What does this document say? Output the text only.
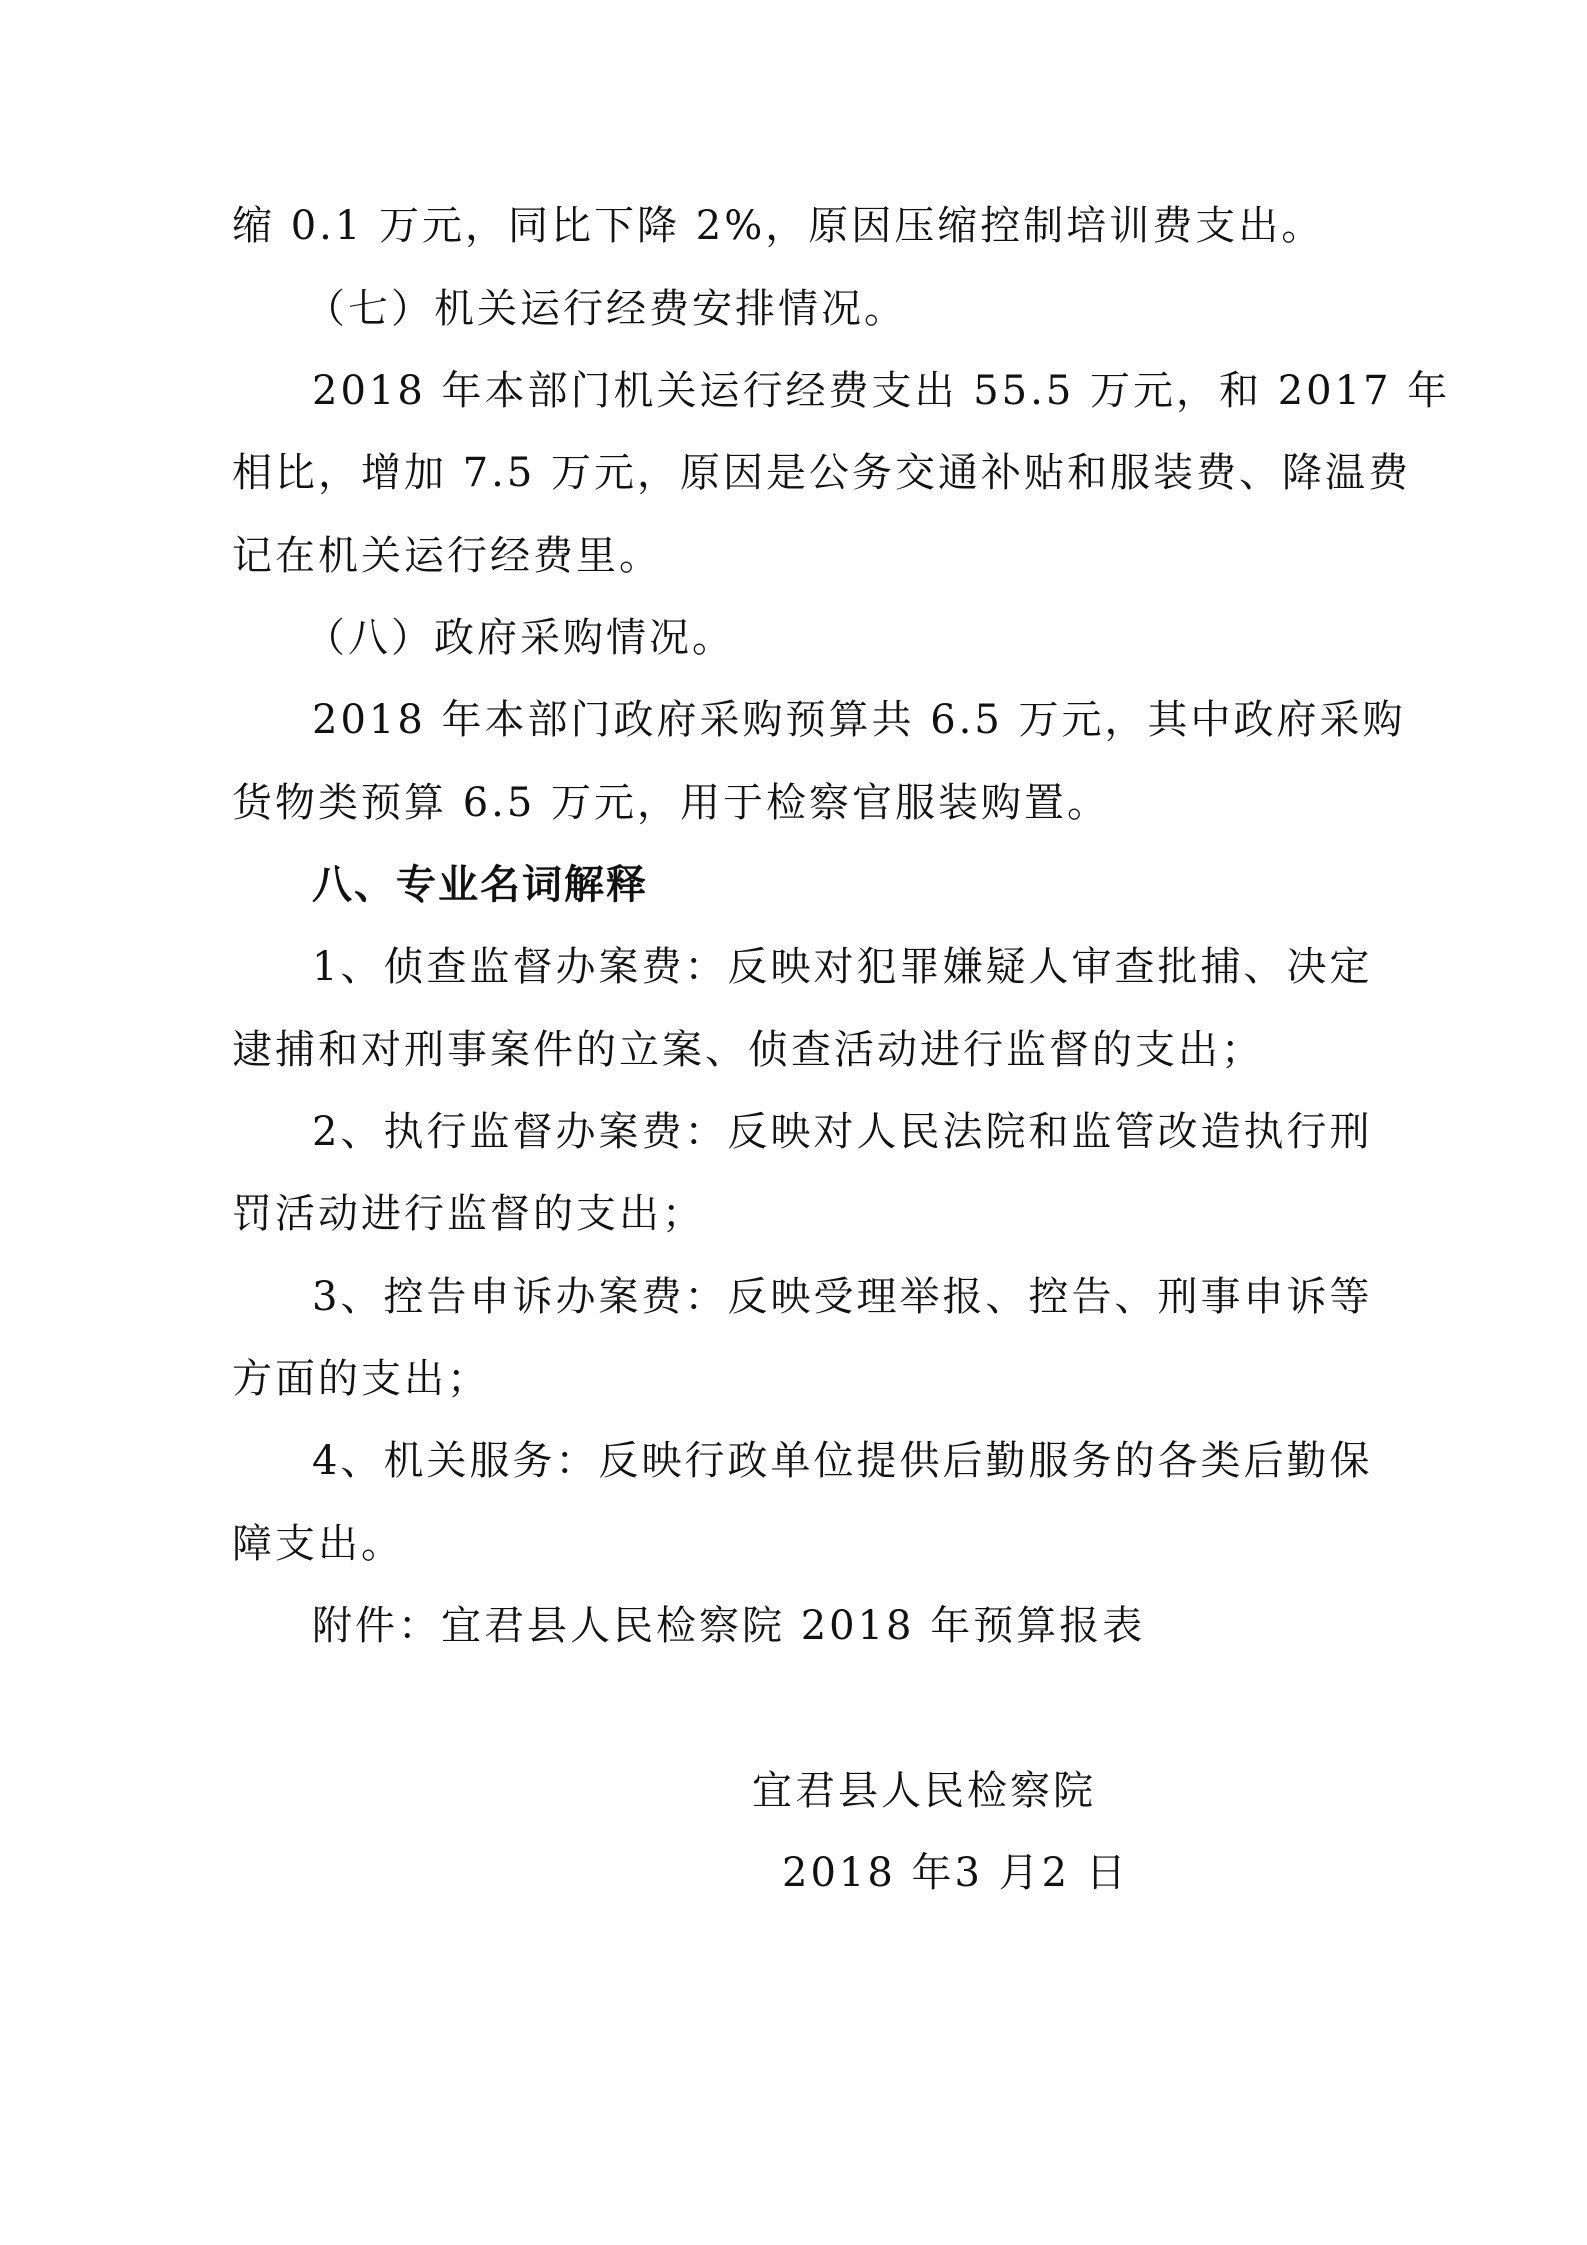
缩 0.1 万元，同比下降 2%，原因压缩控制培训费支出。
（七）机关运行经费安排情况。
2018 年本部门机关运行经费支出 55.5 万元，和 2017 年
相比，增加 7.5 万元，原因是公务交通补贴和服装费、降温费
记在机关运行经费里。
（八）政府采购情况。
2018 年本部门政府采购预算共 6.5 万元，其中政府采购
货物类预算 6.5 万元，用于检察官服装购置。
八、专业名词解释
1、侦查监督办案费：反映对犯罪嫌疑人审查批捕、决定
逮捕和对刑事案件的立案、侦查活动进行监督的支出；
2、执行监督办案费：反映对人民法院和监管改造执行刑
罚活动进行监督的支出；
3、控告申诉办案费：反映受理举报、控告、刑事申诉等
方面的支出；
4、机关服务：反映行政单位提供后勤服务的各类后勤保
障支出。
附件：宜君县人民检察院 2018 年预算报表
宜君县人民检察院
2018 年3 月2 日
